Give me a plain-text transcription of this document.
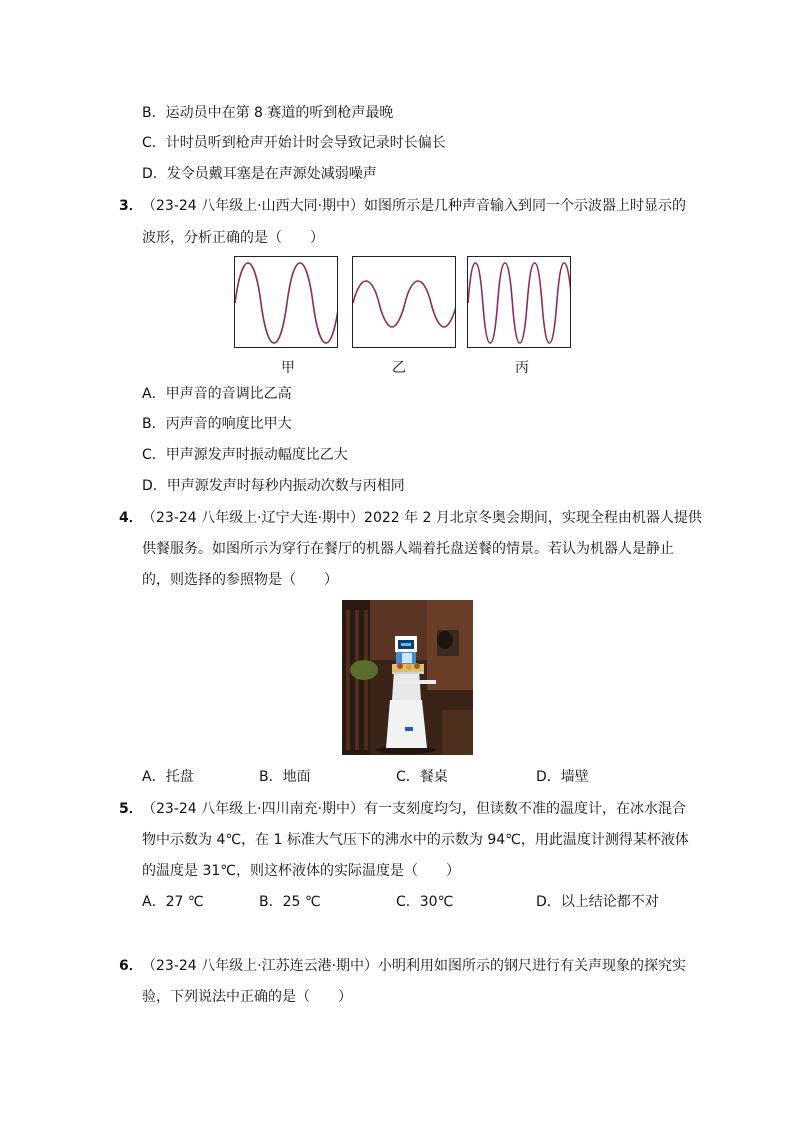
B．运动员中在第 8 赛道的听到枪声最晚
C．计时员听到枪声开始计时会导致记录时长偏长
D．发令员戴耳塞是在声源处减弱噪声
3． （23-24 八年级上·山西大同·期中）如图所示是几种声音输入到同一个示波器上时显示的
波形，分析正确的是（　　）
甲	乙	丙
A．甲声音的音调比乙高
B．丙声音的响度比甲大
C．甲声源发声时振动幅度比乙大
D．甲声源发声时每秒内振动次数与丙相同
4． （23-24 八年级上·辽宁大连·期中）2022 年 2 月北京冬奥会期间，实现全程由机器人提供
供餐服务。如图所示为穿行在餐厅的机器人端着托盘送餐的情景。若认为机器人是静止
的，则选择的参照物是（　　）
A．托盘	B．地面	C．餐桌	D．墙壁
5． （23-24 八年级上·四川南充·期中）有一支刻度均匀，但读数不准的温度计，在冰水混合
物中示数为 4℃，在 1 标准大气压下的沸水中的示数为 94℃，用此温度计测得某杯液体
的温度是 31℃，则这杯液体的实际温度是（　　）
A．27 ℃	B．25 ℃	C．30℃	D．以上结论都不对
6． （23-24 八年级上·江苏连云港·期中）小明利用如图所示的钢尺进行有关声现象的探究实
验，下列说法中正确的是（　　）
